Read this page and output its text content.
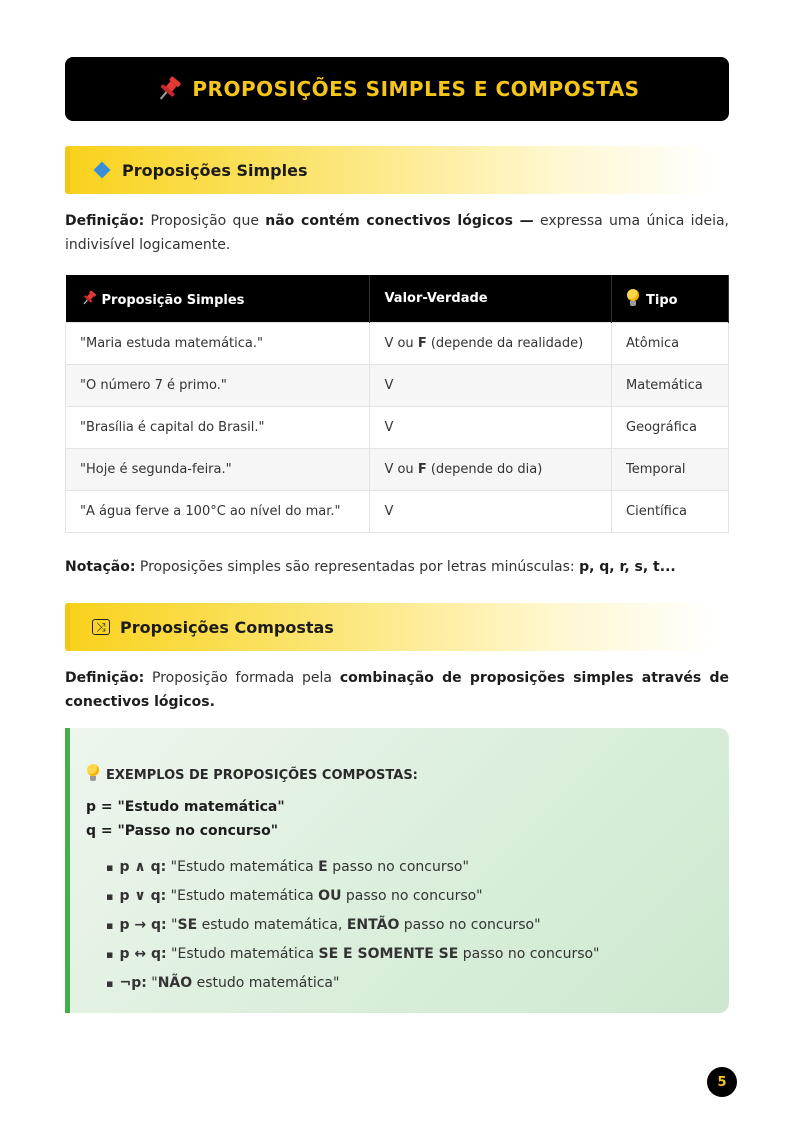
PROPOSIÇÕES SIMPLES E COMPOSTAS
Proposições Simples

Definição: Proposição que não contém conectivos lógicos — expressa uma única ideia, indivisível logicamente.

Proposição Simples	Valor-Verdade	Tipo
"Maria estuda matemática."	V ou F (depende da realidade)	Atômica
"O número 7 é primo."	V	Matemática
"Brasília é capital do Brasil."	V	Geográfica
"Hoje é segunda-feira."	V ou F (depende do dia)	Temporal
"A água ferve a 100°C ao nível do mar."	V	Científica

Notação: Proposições simples são representadas por letras minúsculas: p, q, r, s, t...

⤨ Proposições Compostas

Definição: Proposição formada pela combinação de proposições simples através de conectivos lógicos.

EXEMPLOS DE PROPOSIÇÕES COMPOSTAS:
p = "Estudo matemática"
q = "Passo no concurso"
▪ p ∧ q: "Estudo matemática E passo no concurso"
▪ p ∨ q: "Estudo matemática OU passo no concurso"
▪ p → q: "SE estudo matemática, ENTÃO passo no concurso"
▪ p ↔ q: "Estudo matemática SE E SOMENTE SE passo no concurso"
▪ ¬p: "NÃO estudo matemática"
5
